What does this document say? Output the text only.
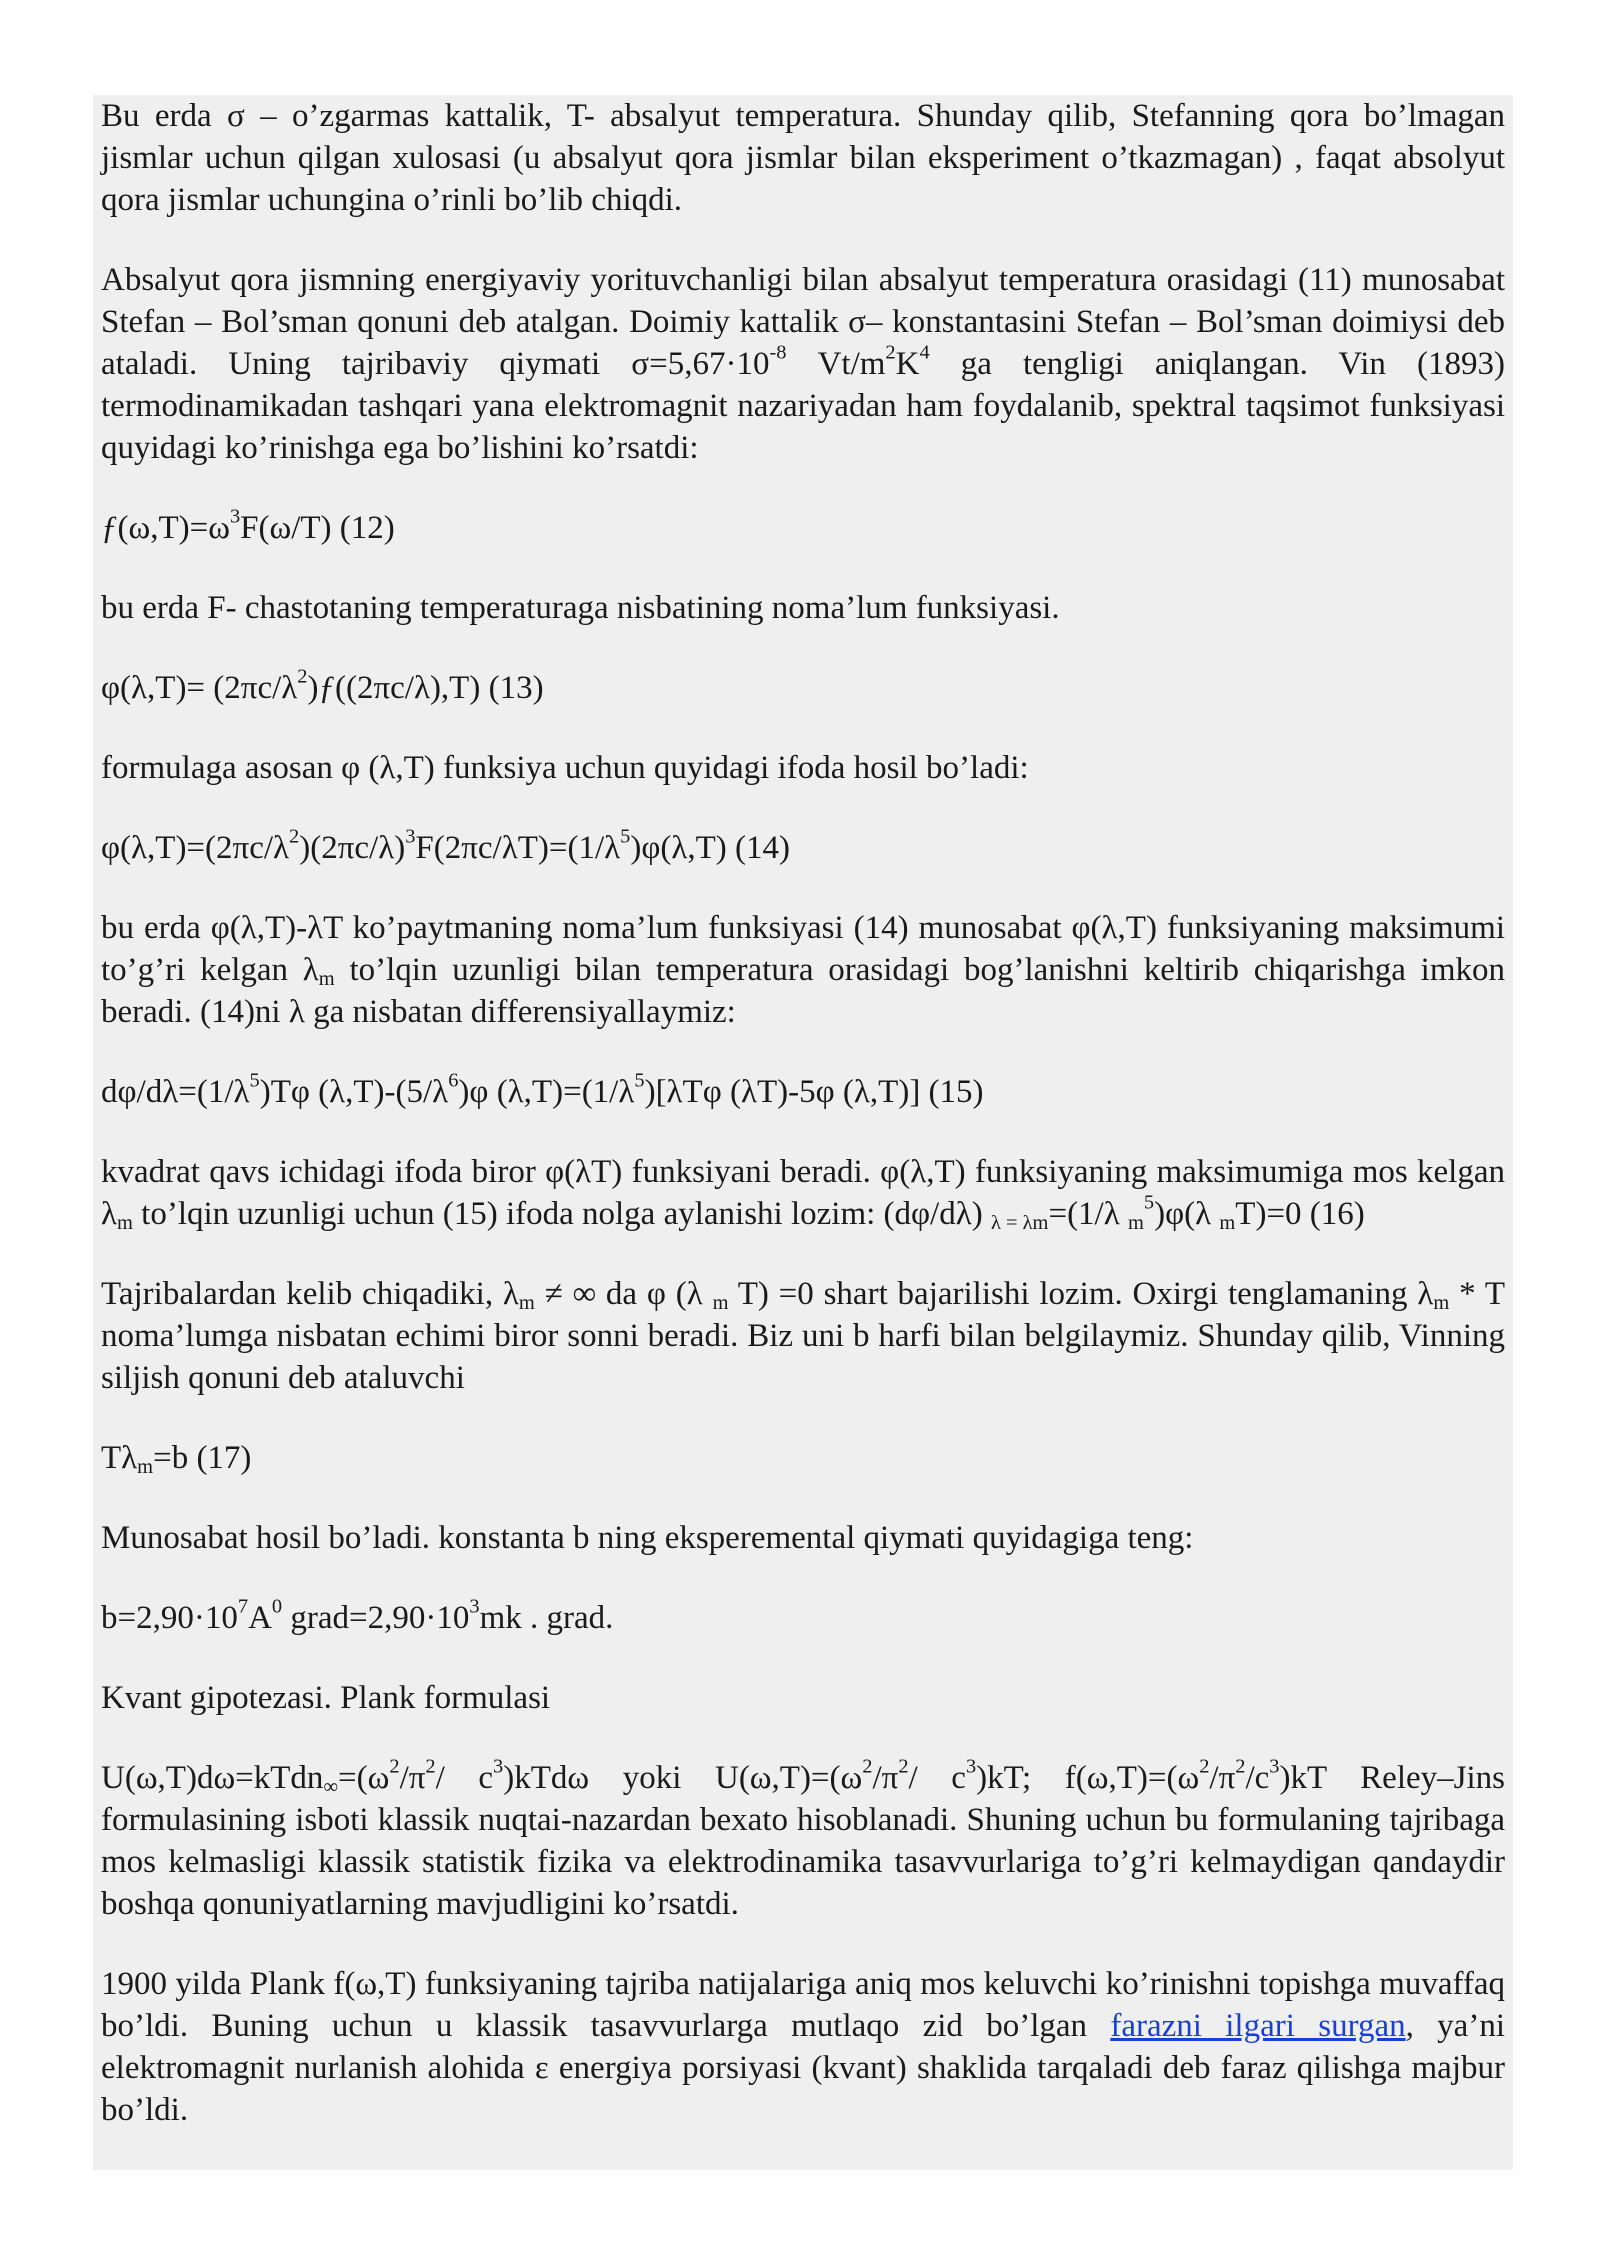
Bu erda σ – o’zgarmas kattalik, T- absalyut temperatura. Shunday qilib, Stefanning qora bo’lmagan jismlar uchun qilgan xulosasi (u absalyut qora jismlar bilan eksperiment o’tkazmagan) , faqat absolyut qora jismlar uchungina o’rinli bo’lib chiqdi.

Absalyut qora jismning energiyaviy yorituvchanligi bilan absalyut temperatura orasidagi (11) munosabat Stefan – Bol’sman qonuni deb atalgan. Doimiy kattalik σ– konstantasini Stefan – Bol’sman doimiysi deb ataladi. Uning tajribaviy qiymati $\sigma=5,67\cdot 10^{-8}$ $Vt/m^2K^4$ ga tengligi aniqlangan. Vin (1893) termodinamikadan tashqari yana elektromagnit nazariyadan ham foydalanib, spektral taqsimot funksiyasi quyidagi ko’rinishga ega bo’lishini ko’rsatdi:

$ƒ(\omega,T)=\omega^3F(\omega/T)$ (12)

bu erda F- chastotaning temperaturaga nisbatining noma’lum funksiyasi.

$\varphi(\lambda,T)= (2\pi c/\lambda^2)ƒ((2\pi c/\lambda),T)$ (13)

formulaga asosan φ (λ,T) funksiya uchun quyidagi ifoda hosil bo’ladi:

$\varphi(\lambda,T)=(2\pi c/\lambda^2)(2\pi c/\lambda)^3F(2\pi c/\lambda T)=(1/\lambda^5)\varphi(\lambda,T)$ (14)

bu erda φ(λ,T)-λT ko’paytmaning noma’lum funksiyasi (14) munosabat φ(λ,T) funksiyaning maksimumi to’g’ri kelgan $\lambda_m$ to’lqin uzunligi bilan temperatura orasidagi bog’lanishni keltirib chiqarishga imkon beradi. (14)ni λ ga nisbatan differensiyallaymiz:

$d\varphi/d\lambda=(1/\lambda^5)T\varphi$ $(\lambda,T)-(5/\lambda^6)\varphi$ $(\lambda,T)=(1/\lambda^5)[\lambda T\varphi$ (λT)-5φ (λ,T)] (15)

kvadrat qavs ichidagi ifoda biror φ(λT) funksiyani beradi. φ(λ,T) funksiyaning maksimumiga mos kelgan $\lambda_m$ to’lqin uzunligi uchun (15) ifoda nolga aylanishi lozim: (dφ/dλ) $_{\lambda = \lambda m}$=(1/λ $_m^5$)φ(λ $_m$T)=0 (16)

Tajribalardan kelib chiqadiki, $\lambda_m$ ≠ ∞ da φ (λ $_m$ T) =0 shart bajarilishi lozim. Oxirgi tenglamaning $\lambda_m$ * T noma’lumga nisbatan echimi biror sonni beradi. Biz uni b harfi bilan belgilaymiz. Shunday qilib, Vinning siljish qonuni deb ataluvchi

$T\lambda_m=b$ (17)

Munosabat hosil bo’ladi. konstanta b ning eksperemental qiymati quyidagiga teng:

$b=2,90\cdot 10^7A^0$ $grad=2,90\cdot 10^3mk$ . grad.

Kvant gipotezasi. Plank formulasi

$U(\omega,T)d\omega=kTdn_\infty=(\omega^2/\pi^2/$ $c^3)kTd\omega$ yoki $U(\omega,T)=(\omega^2/\pi^2/$ $c^3)kT$; $f(\omega,T)=(\omega^2/\pi^2/c^3)kT$ Reley–Jins formulasining isboti klassik nuqtai-nazardan bexato hisoblanadi. Shuning uchun bu formulaning tajribaga mos kelmasligi klassik statistik fizika va elektrodinamika tasavvurlariga to’g’ri kelmaydigan qandaydir boshqa qonuniyatlarning mavjudligini ko’rsatdi.

1900 yilda Plank f(ω,T) funksiyaning tajriba natijalariga aniq mos keluvchi ko’rinishni topishga muvaffaq bo’ldi. Buning uchun u klassik tasavvurlarga mutlaqo zid bo’lgan farazni ilgari surgan, ya’ni elektromagnit nurlanish alohida ε energiya porsiyasi (kvant) shaklida tarqaladi deb faraz qilishga majbur bo’ldi.
